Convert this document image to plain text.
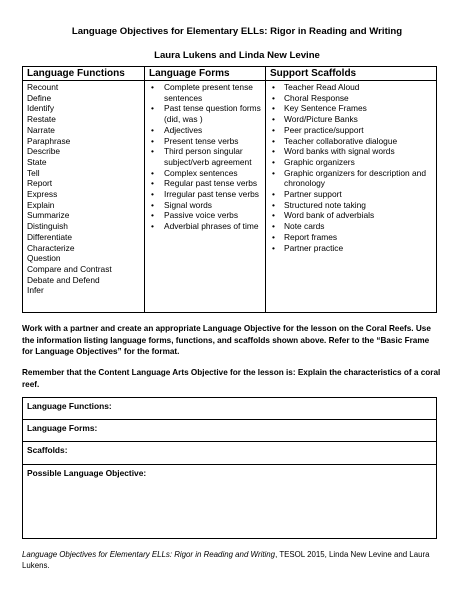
Language Objectives for Elementary ELLs: Rigor in Reading and Writing
Laura Lukens and Linda New Levine
Language Functions
Recount
Define
Identify
Restate
Narrate
Paraphrase
Describe
State
Tell
Report
Express
Explain
Summarize
Distinguish
Differentiate
Characterize
Question
Compare and Contrast
Debate and Defend
Infer
Language Forms
• Complete present tense sentences
• Past tense question forms (did, was )
• Adjectives
• Present tense verbs
• Third person singular subject/verb agreement
• Complex sentences
• Regular past tense verbs
• Irregular past tense verbs
• Signal words
• Passive voice verbs
• Adverbial phrases of time
Support Scaffolds
• Teacher Read Aloud
• Choral Response
• Key Sentence Frames
• Word/Picture Banks
• Peer practice/support
• Teacher collaborative dialogue
• Word banks with signal words
• Graphic organizers
• Graphic organizers for description and chronology
• Partner support
• Structured note taking
• Word bank of adverbials
• Note cards
• Report frames
• Partner practice
Work with a partner and create an appropriate Language Objective for the lesson on the Coral Reefs. Use the information listing language forms, functions, and scaffolds shown above. Refer to the “Basic Frame for Language Objectives” for the format.
Remember that the Content Language Arts Objective for the lesson is: Explain the characteristics of a coral reef.
Language Functions:
Language Forms:
Scaffolds:
Possible Language Objective:
Language Objectives for Elementary ELLs: Rigor in Reading and Writing, TESOL 2015, Linda New Levine and Laura Lukens.
